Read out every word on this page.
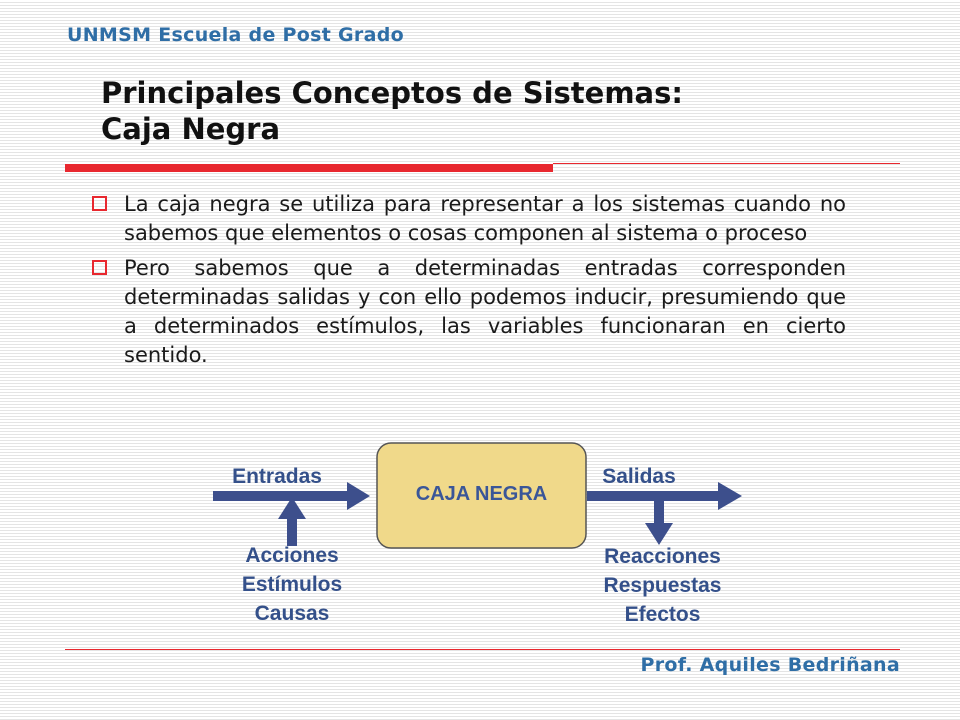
UNMSM Escuela de Post Grado
Principales Conceptos de Sistemas:
Caja Negra
La caja negra se utiliza para representar a los sistemas cuando no sabemos que elementos o cosas componen al sistema o proceso
Pero sabemos que a determinadas entradas corresponden determinadas salidas y con ello podemos inducir, presumiendo que a determinados estímulos, las variables funcionaran en cierto sentido.
CAJA NEGRA
Entradas	Salidas
Acciones
Estímulos
Causas
Reacciones
Respuestas
Efectos
Prof. Aquiles Bedriñana
